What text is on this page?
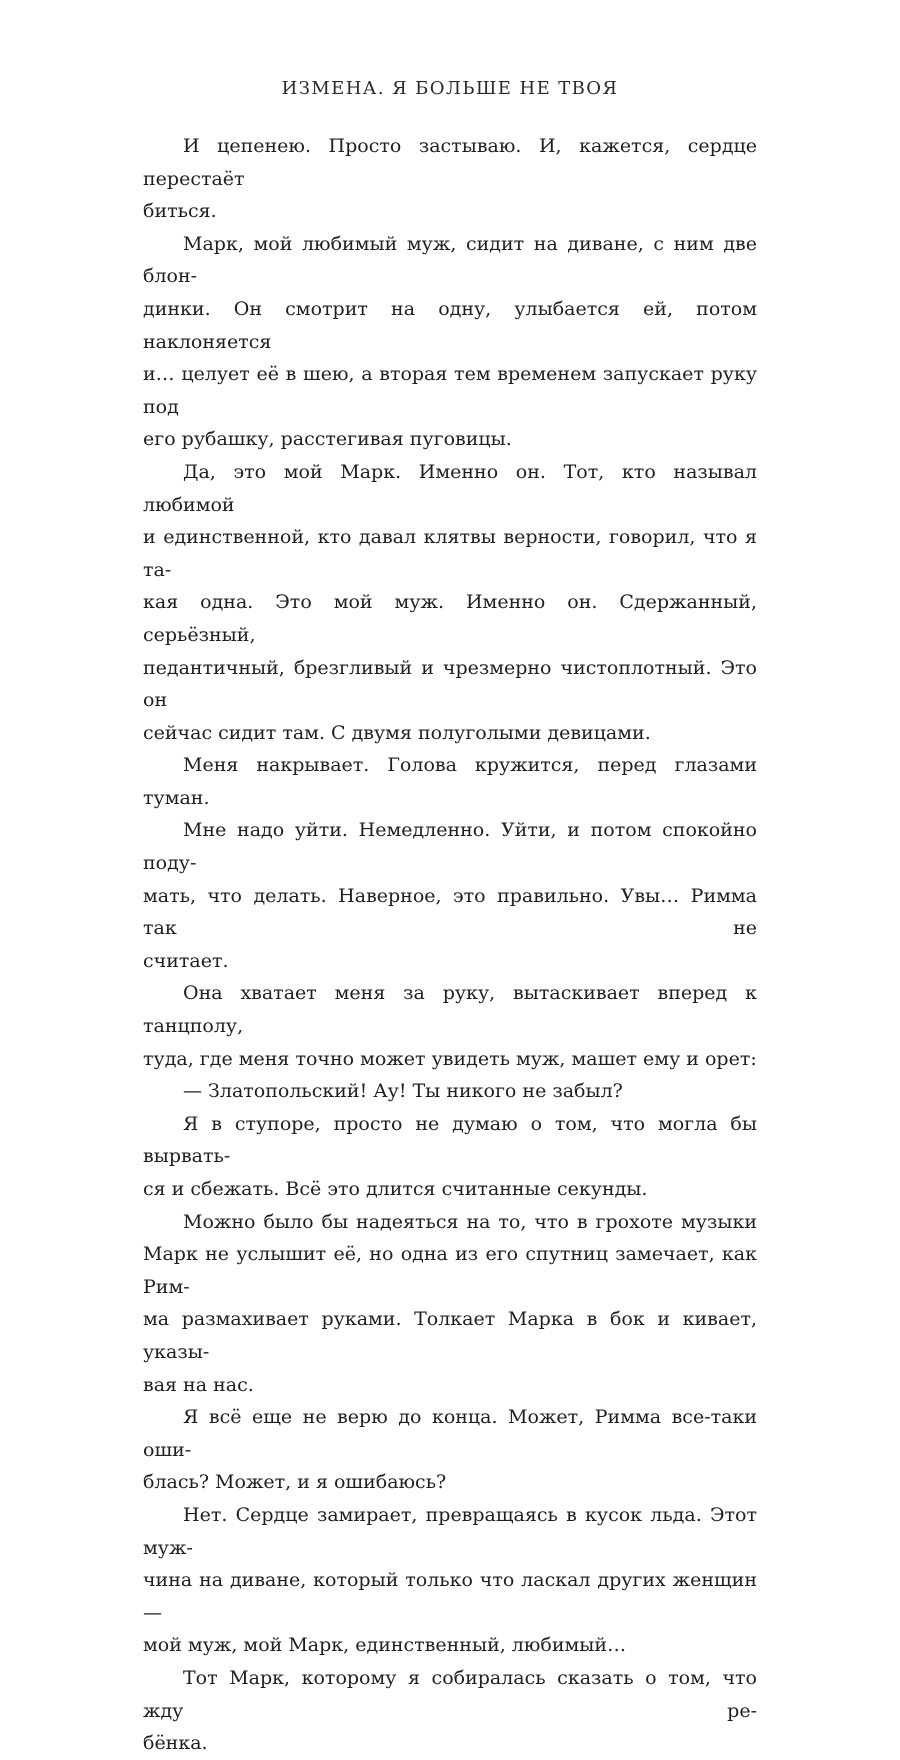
ИЗМЕНА. Я БОЛЬШЕ НЕ ТВОЯ

И цепенею. Просто застываю. И, кажется, сердце перестаёт
биться.

Марк, мой любимый муж, сидит на диване, с ним две блон-
динки. Он смотрит на одну, улыбается ей, потом наклоняется
и… целует её в шею, а вторая тем временем запускает руку под
его рубашку, расстегивая пуговицы.

Да, это мой Марк. Именно он. Тот, кто называл любимой
и единственной, кто давал клятвы верности, говорил, что я та-
кая одна. Это мой муж. Именно он. Сдержанный, серьёзный,
педантичный, брезгливый и чрезмерно чистоплотный. Это он
сейчас сидит там. С двумя полуголыми девицами.

Меня накрывает. Голова кружится, перед глазами туман.

Мне надо уйти. Немедленно. Уйти, и потом спокойно поду-
мать, что делать. Наверное, это правильно. Увы… Римма так не
считает.

Она хватает меня за руку, вытаскивает вперед к танцполу,
туда, где меня точно может увидеть муж, машет ему и орет:

— Златопольский! Ау! Ты никого не забыл?

Я в ступоре, просто не думаю о том, что могла бы вырвать-
ся и сбежать. Всё это длится считанные секунды.

Можно было бы надеяться на то, что в грохоте музыки
Марк не услышит её, но одна из его спутниц замечает, как Рим-
ма размахивает руками. Толкает Марка в бок и кивает, указы-
вая на нас.

Я всё еще не верю до конца. Может, Римма все-таки оши-
блась? Может, и я ошибаюсь?

Нет. Сердце замирает, превращаясь в кусок льда. Этот муж-
чина на диване, который только что ласкал других женщин —
мой муж, мой Марк, единственный, любимый…

Тот Марк, которому я собиралась сказать о том, что жду ре-
бёнка.
